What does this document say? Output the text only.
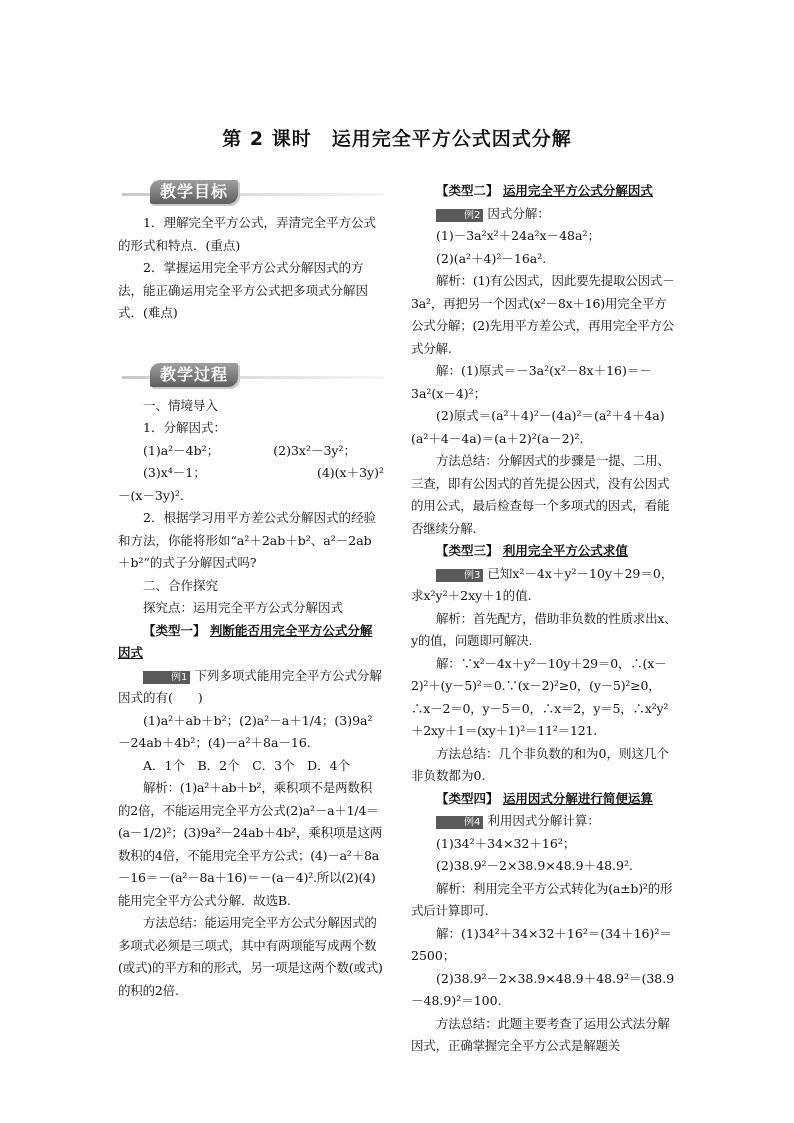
第 2 课时　运用完全平方公式因式分解
教学目标

1．理解完全平方公式，弄清完全平方公式的形式和特点．(重点)

2．掌握运用完全平方公式分解因式的方法，能正确运用完全平方公式把多项式分解因式．(难点)

教学过程

一、情境导入

1．分解因式：

(1)a²－4b²；	(2)3x²－3y²；
(3)x⁴－1；	(4)(x＋3y)²

－(x－3y)².

2．根据学习用平方差公式分解因式的经验和方法，你能将形如“a²＋2ab＋b²、a²－2ab＋b²”的式子分解因式吗?

二、合作探究

探究点：运用完全平方公式分解因式

【类型一】 判断能否用完全平方公式分解因式

例1 下列多项式能用完全平方公式分解因式的有(　　)

(1)a²＋ab＋b²；(2)a²－a＋1/4；(3)9a²－24ab＋4b²；(4)－a²＋8a－16.

A．1个　B．2个　C．3个　D．4个

解析：(1)a²＋ab＋b²，乘积项不是两数积的2倍，不能运用完全平方公式(2)a²－a＋1/4＝(a－1/2)²；(3)9a²－24ab＋4b²，乘积项是这两数积的4倍，不能用完全平方公式；(4)－a²＋8a－16＝－(a²－8a＋16)＝－(a－4)².所以(2)(4)能用完全平方公式分解．故选B.

方法总结：能运用完全平方公式分解因式的多项式必须是三项式，其中有两项能写成两个数(或式)的平方和的形式，另一项是这两个数(或式)的积的2倍.

【类型二】 运用完全平方公式分解因式

例2 因式分解：

(1)－3a²x²＋24a²x－48a²；

(2)(a²＋4)²－16a².

解析：(1)有公因式，因此要先提取公因式－3a²，再把另一个因式(x²－8x＋16)用完全平方公式分解；(2)先用平方差公式，再用完全平方公式分解.

解：(1)原式＝－3a²(x²－8x＋16)＝－3a²(x－4)²；

(2)原式＝(a²＋4)²－(4a)²＝(a²＋4＋4a)(a²＋4－4a)＝(a＋2)²(a－2)².

方法总结：分解因式的步骤是一提、二用、三查，即有公因式的首先提公因式，没有公因式的用公式，最后检查每一个多项式的因式，看能否继续分解.

【类型三】 利用完全平方公式求值

例3 已知x²－4x＋y²－10y＋29＝0，求x²y²＋2xy＋1的值.

解析：首先配方，借助非负数的性质求出x、y的值，问题即可解决.

解：∵x²－4x＋y²－10y＋29＝0，∴(x－2)²＋(y－5)²＝0.∵(x－2)²≥0，(y－5)²≥0，∴x－2＝0，y－5＝0，∴x＝2，y＝5，∴x²y²＋2xy＋1＝(xy＋1)²＝11²＝121.

方法总结：几个非负数的和为0，则这几个非负数都为0.

【类型四】 运用因式分解进行简便运算

例4 利用因式分解计算：

(1)34²＋34×32＋16²；

(2)38.9²－2×38.9×48.9＋48.9².

解析：利用完全平方公式转化为(a±b)²的形式后计算即可.

解：(1)34²＋34×32＋16²＝(34＋16)²＝2500；

(2)38.9²－2×38.9×48.9＋48.9²＝(38.9－48.9)²＝100.

方法总结：此题主要考查了运用公式法分解因式，正确掌握完全平方公式是解题关
